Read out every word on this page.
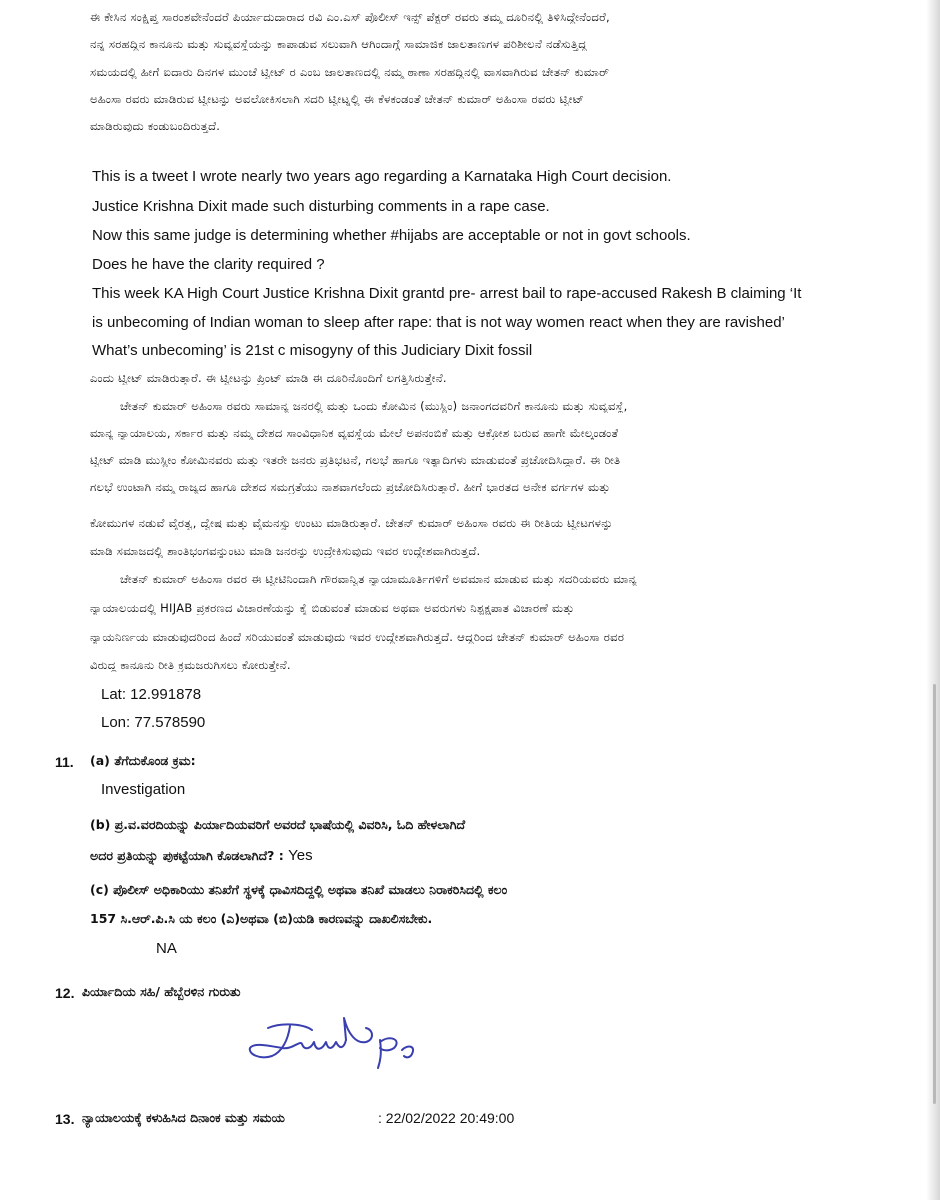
ಈ ಕೇಸಿನ ಸಂಕ್ಷಿಪ್ತ ಸಾರಂಶವೇನೆಂದರೆ ಪಿರ್ಯಾದುದಾರಾದ ರವಿ ಎಂ.ಎಸ್ ಪೊಲೀಸ್ ಇನ್ಸ್ ಪೆಕ್ಟರ್ ರವರು ತಮ್ಮ ದೂರಿನಲ್ಲಿ ತಿಳಿಸಿದ್ದೇನೆಂದರೆ,
ನನ್ನ ಸರಹದ್ದಿನ ಕಾನೂನು ಮತ್ತು ಸುವ್ಯವಸ್ಥೆಯನ್ನು ಕಾಪಾಡುವ ಸಲುವಾಗಿ ಆಗಿಂದಾಗ್ಗೆ ಸಾಮಾಜಿಕ ಜಾಲತಾಣಗಳ ಪರಿಶೀಲನೆ ನಡೆಸುತ್ತಿದ್ದ
ಸಮಯದಲ್ಲಿ ಹೀಗೆ ಐದಾರು ದಿನಗಳ ಮುಂಚೆ ಟ್ವೀಟ್ ರ ಎಂಬ ಜಾಲತಾಣದಲ್ಲಿ ನಮ್ಮ ಠಾಣಾ ಸರಹದ್ದಿನಲ್ಲಿ ವಾಸವಾಗಿರುವ ಚೇತನ್ ಕುಮಾರ್
ಅಹಿಂಸಾ ರವರು ಮಾಡಿರುವ ಟ್ವೀಟನ್ನು ಅವಲೋಕಿಸಲಾಗಿ ಸದರಿ ಟ್ವೀಟ್ನಲ್ಲಿ ಈ ಕೆಳಕಂಡಂತೆ ಚೇತನ್ ಕುಮಾರ್ ಅಹಿಂಸಾ ರವರು ಟ್ವೀಟ್
ಮಾಡಿರುವುದು ಕಂಡುಬಂದಿರುತ್ತದೆ.
This is a tweet I wrote nearly two years ago regarding a Karnataka High Court decision.
Justice Krishna Dixit made such disturbing comments in a rape case.
Now this same judge is determining whether #hijabs are acceptable or not in govt schools.
Does he have the clarity required ?
This week KA High Court Justice Krishna Dixit grantd pre- arrest bail to rape-accused Rakesh B claiming ‘It
is unbecoming of Indian woman to sleep after rape: that is not way women react when they are ravished’
What’s unbecoming’ is 21st c misogyny of this Judiciary Dixit fossil
ಎಂದು ಟ್ವೀಟ್ ಮಾಡಿರುತ್ತಾರೆ. ಈ ಟ್ವೀಟನ್ನು ಪ್ರಿಂಟ್ ಮಾಡಿ ಈ ದೂರಿನೊಂದಿಗೆ ಲಗತ್ತಿಸಿರುತ್ತೇನೆ.
ಚೇತನ್ ಕುಮಾರ್ ಅಹಿಂಸಾ ರವರು ಸಾಮಾನ್ಯ ಜನರಲ್ಲಿ ಮತ್ತು ಒಂದು ಕೋಮಿನ (ಮುಸ್ಲಿಂ) ಜನಾಂಗದವರಿಗೆ ಕಾನೂನು ಮತ್ತು ಸುವ್ಯವಸ್ಥೆ,
ಮಾನ್ಯ ನ್ಯಾಯಾಲಯ, ಸರ್ಕಾರ ಮತ್ತು ನಮ್ಮ ದೇಶದ ಸಾಂವಿಧಾನಿಕ ವ್ಯವಸ್ಥೆಯ ಮೇಲೆ ಅಪನಂಬಿಕೆ ಮತ್ತು ಆಕ್ರೋಶ ಬರುವ ಹಾಗೇ ಮೇಲ್ಕಂಡಂತೆ
ಟ್ವೀಟ್ ಮಾಡಿ ಮುಸ್ಲೀಂ ಕೋಮಿನವರು ಮತ್ತು ಇತರೇ ಜನರು ಪ್ರತಿಭಟನೆ, ಗಲಭೆ ಹಾಗೂ ಇತ್ಯಾದಿಗಳು ಮಾಡುವಂತೆ ಪ್ರಚೋದಿಸಿದ್ದಾರೆ. ಈ ರೀತಿ
ಗಲಭೆ ಉಂಟಾಗಿ ನಮ್ಮ ರಾಜ್ಯದ ಹಾಗೂ ದೇಶದ ಸಮಗ್ರತೆಯು ನಾಶವಾಗಲೆಂದು ಪ್ರಚೋದಿಸಿರುತ್ತಾರೆ. ಹೀಗೆ ಭಾರತದ ಅನೇಕ ವರ್ಗಗಳ ಮತ್ತು
ಕೋಮುಗಳ ನಡುವೆ ವೈರತ್ವ, ದ್ವೇಷ ಮತ್ತು ವೈಮನಸ್ಸು ಉಂಟು ಮಾಡಿರುತ್ತಾರೆ. ಚೇತನ್ ಕುಮಾರ್ ಅಹಿಂಸಾ ರವರು ಈ ರೀತಿಯ ಟ್ವೀಟಗಳನ್ನು
ಮಾಡಿ ಸಮಾಜದಲ್ಲಿ ಶಾಂತಿಭಂಗವನ್ನುಂಟು ಮಾಡಿ ಜನರನ್ನು ಉದ್ರೇಕಿಸುವುದು ಇವರ ಉದ್ದೇಶವಾಗಿರುತ್ತದೆ.
ಚೇತನ್ ಕುಮಾರ್ ಅಹಿಂಸಾ ರವರ ಈ ಟ್ವೀಟಿನಿಂದಾಗಿ ಗೌರವಾನ್ವಿತ ನ್ಯಾಯಾಮೂರ್ತಿಗಳಿಗೆ ಅವಮಾನ ಮಾಡುವ ಮತ್ತು ಸದರಿಯವರು ಮಾನ್ಯ
ನ್ಯಾಯಾಲಯದಲ್ಲಿ HIJAB ಪ್ರಕರಣದ ವಿಚಾರಣೆಯನ್ನು ಕೈ ಬಿಡುವಂತೆ ಮಾಡುವ ಅಥವಾ ಅವರುಗಳು ನಿಶ್ಪಕ್ಷಪಾತ ವಿಚಾರಣೆ ಮತ್ತು
ನ್ಯಾಯನಿರ್ಣಯ ಮಾಡುವುದರಿಂದ ಹಿಂದೆ ಸರಿಯುವಂತೆ ಮಾಡುವುದು ಇವರ ಉದ್ದೇಶವಾಗಿರುತ್ತದೆ. ಆದ್ದರಿಂದ ಚೇತನ್ ಕುಮಾರ್ ಅಹಿಂಸಾ ರವರ
ವಿರುದ್ಧ ಕಾನೂನು ರೀತಿ ಕ್ರಮಜರುಗಿಸಲು ಕೋರುತ್ತೇನೆ.
Lat: 12.991878
Lon: 77.578590
11. (a) ತೆಗೆದುಕೊಂಡ ಕ್ರಮ:
Investigation
(b) ಪ್ರ.ವ.ವರದಿಯನ್ನು ಪಿರ್ಯಾದಿಯವರಿಗೆ ಅವರದೆ ಭಾಷೆಯಲ್ಲಿ ವಿವರಿಸಿ, ಓದಿ ಹೇಳಲಾಗಿದೆ
ಅದರ ಪ್ರತಿಯನ್ನು ಪುಕಟ್ಟೆಯಾಗಿ ಕೊಡಲಾಗಿದೆ? : Yes
(c) ಪೊಲೀಸ್ ಅಧಿಕಾರಿಯು ತನಿಖೆಗೆ ಸ್ಥಳಕ್ಕೆ ಧಾವಿಸದಿದ್ದಲ್ಲಿ ಅಥವಾ ತನಿಖೆ ಮಾಡಲು ನಿರಾಕರಿಸಿದಲ್ಲಿ ಕಲಂ
157 ಸಿ.ಆರ್.ಪಿ.ಸಿ ಯ ಕಲಂ (ಎ)ಅಥವಾ (ಬಿ)ಯಡಿ ಕಾರಣವನ್ನು ದಾಖಲಿಸಬೇಕು.
NA
12. ಪಿರ್ಯಾದಿಯ ಸಹಿ/ ಹೆಬ್ಬೆರಳಿನ ಗುರುತು
13. ನ್ಯಾಯಾಲಯಕ್ಕೆ ಕಳುಹಿಸಿದ ದಿನಾಂಕ ಮತ್ತು ಸಮಯ	: 22/02/2022 20:49:00
